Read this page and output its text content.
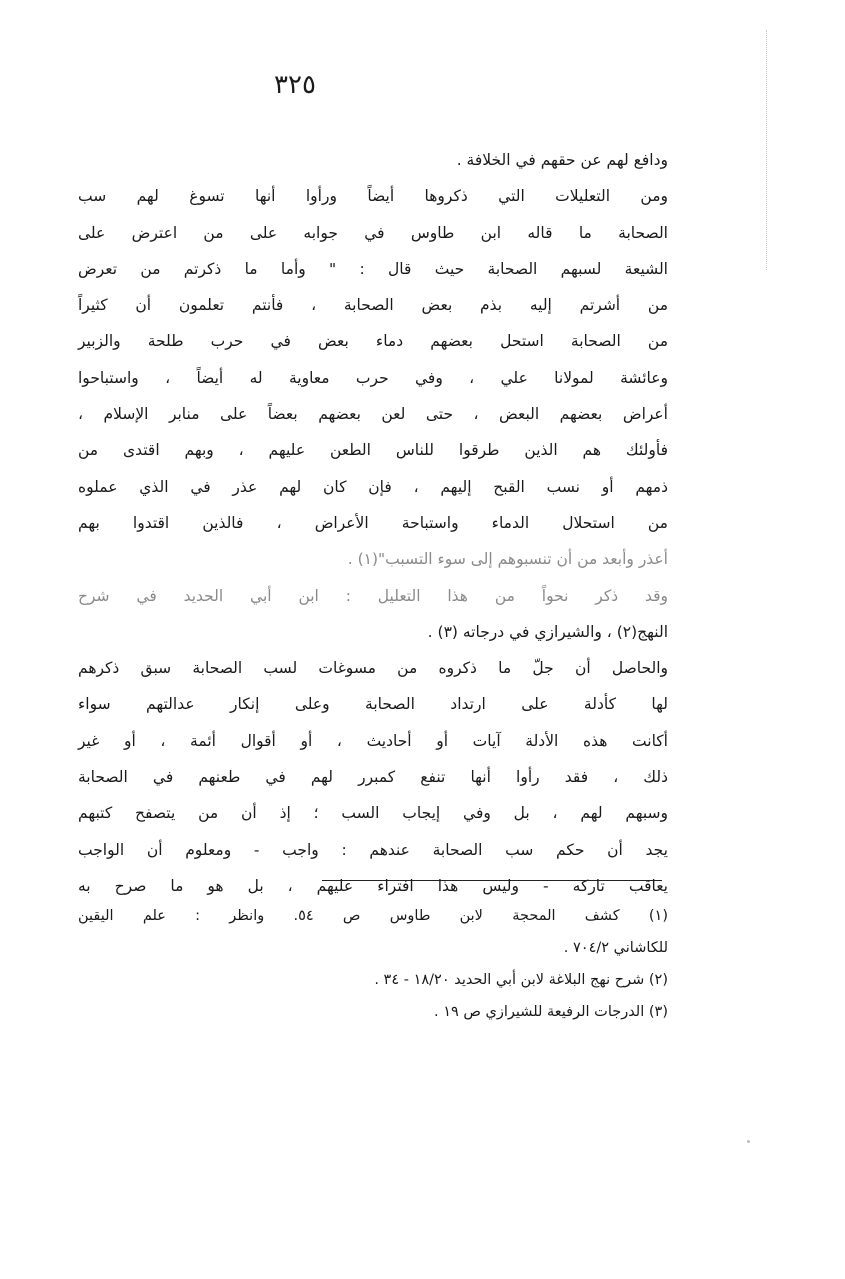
٣٢٥
ودافع لهم عن حقهم في الخلافة .
ومن التعليلات التي ذكروها أيضاً ورأوا أنها تسوغ لهم سب
الصحابة ما قاله ابن طاوس في جوابه على من اعترض على
الشيعة لسبهم الصحابة حيث قال : " وأما ما ذكرتم من تعرض
من أشرتم إليه بذم بعض الصحابة ، فأنتم تعلمون أن كثيراً
من الصحابة استحل بعضهم دماء بعض في حرب طلحة والزبير
وعائشة لمولانا علي ، وفي حرب معاوية له أيضاً ، واستباحوا
أعراض بعضهم البعض ، حتى لعن بعضهم بعضاً على منابر الإسلام ،
فأولئك هم الذين طرقوا للناس الطعن عليهم ، وبهم اقتدى من
ذمهم أو نسب القبح إليهم ، فإن كان لهم عذر في الذي عملوه
من استحلال الدماء واستباحة الأعراض ، فالذين اقتدوا بهم
أعذر وأبعد من أن تنسبوهم إلى سوء التسبب"(١) .
وقد ذكر نحواً من هذا التعليل : ابن أبي الحديد في شرح
النهج(٢) ، والشيرازي في درجاته (٣) .
والحاصل أن جلّ ما ذكروه من مسوغات لسب الصحابة سبق ذكرهم
لها كأدلة على ارتداد الصحابة وعلى إنكار عدالتهم سواء
أكانت هذه الأدلة آيات أو أحاديث ، أو أقوال أئمة ، أو غير
ذلك ، فقد رأوا أنها تنفع كمبرر لهم في طعنهم في الصحابة
وسبهم لهم ، بل وفي إيجاب السب ؛ إذ أن من يتصفح كتبهم
يجد أن حكم سب الصحابة عندهم : واجب - ومعلوم أن الواجب
يعاقب تاركه - وليس هذا افتراء عليهم ، بل هو ما صرح به
(١) كشف المحجة لابن طاوس ص ٥٤. وانظر : علم اليقين
للكاشاني ٧٠٤/٢ .
(٢) شرح نهج البلاغة لابن أبي الحديد ١٨/٢٠ - ٣٤ .
(٣) الدرجات الرفيعة للشيرازي ص ١٩ .
